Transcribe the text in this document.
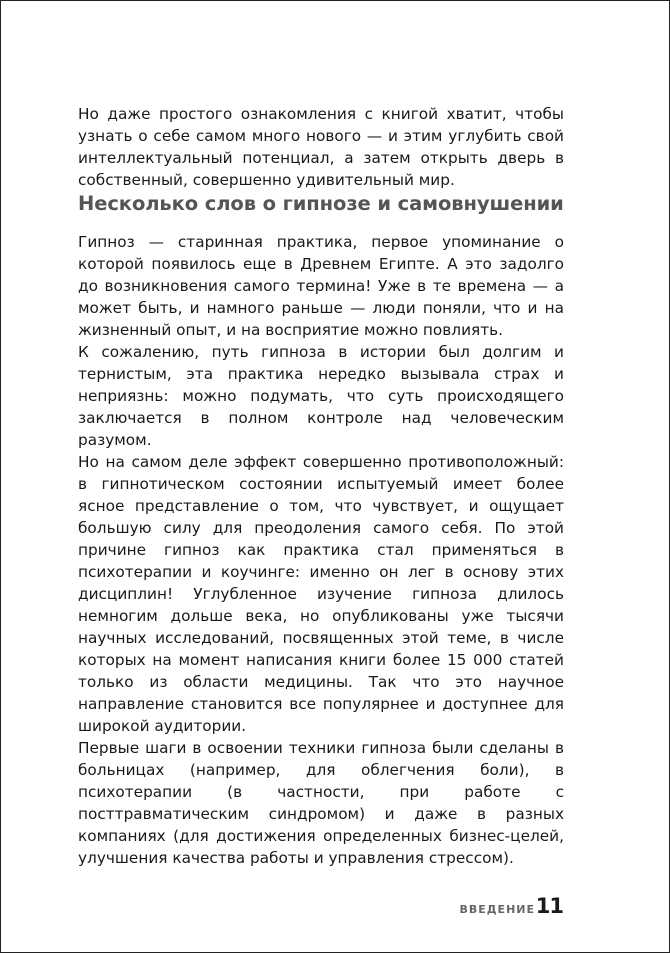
Но даже простого ознакомления с книгой хватит, чтобы узнать о себе самом много нового — и этим углубить свой интеллектуальный потенциал, а затем открыть дверь в собственный, совершенно удивительный мир.

Несколько слов о гипнозе и самовнушении

Гипноз — старинная практика, первое упоминание о которой появилось еще в Древнем Египте. А это задолго до возникновения самого термина! Уже в те времена — а может быть, и намного раньше — люди поняли, что и на жизненный опыт, и на восприятие можно повлиять.

К сожалению, путь гипноза в истории был долгим и тернистым, эта практика нередко вызывала страх и неприязнь: можно подумать, что суть происходящего заключается в полном контроле над человеческим разумом.

Но на самом деле эффект совершенно противоположный: в гипнотическом состоянии испытуемый имеет более ясное представление о том, что чувствует, и ощущает большую силу для преодоления самого себя. По этой причине гипноз как практика стал применяться в психотерапии и коучинге: именно он лег в основу этих дисциплин! Углубленное изучение гипноза длилось немногим дольше века, но опубликованы уже тысячи научных исследований, посвященных этой теме, в числе которых на момент написания книги более 15 000 статей только из области медицины. Так что это научное направление становится все популярнее и доступнее для широкой аудитории.

Первые шаги в освоении техники гипноза были сделаны в больницах (например, для облегчения боли), в психотерапии (в частности, при работе с посттравматическим синдромом) и даже в разных компаниях (для достижения определенных бизнес-целей, улучшения качества работы и управления стрессом).

ВВЕДЕНИЕ 11
